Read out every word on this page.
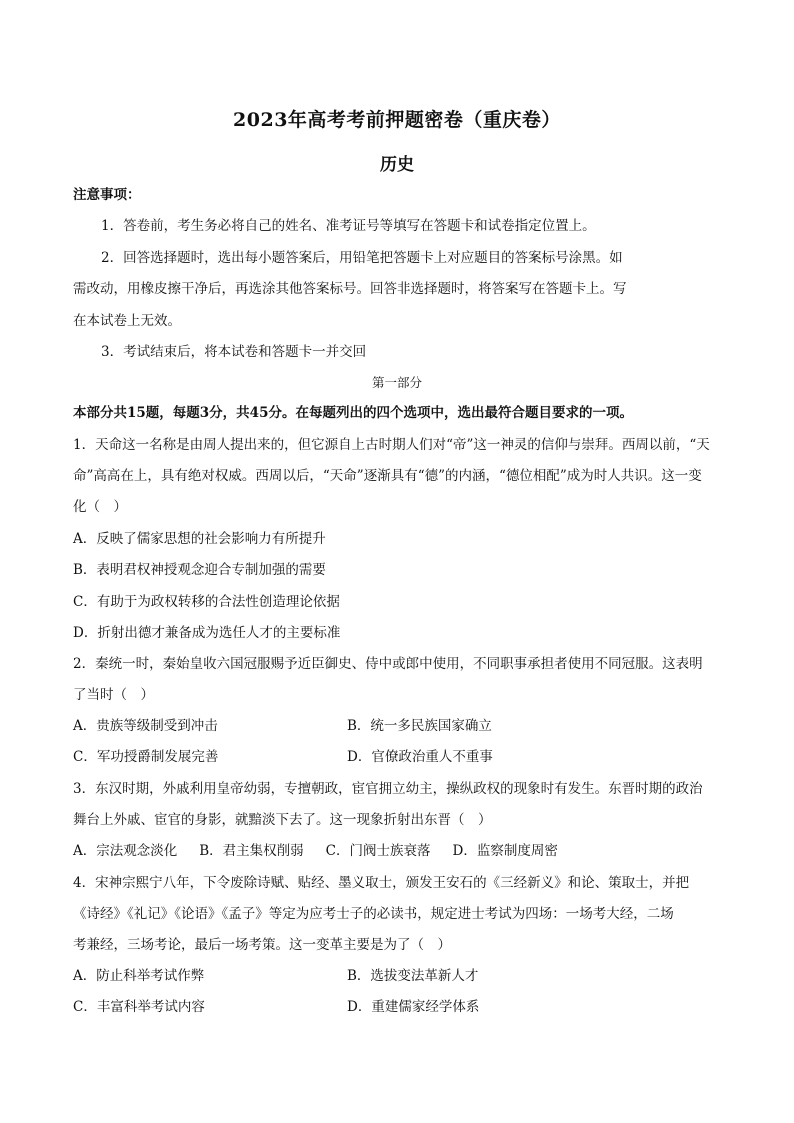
2023年高考考前押题密卷（重庆卷）
历史
注意事项：
1．答卷前，考生务必将自己的姓名、准考证号等填写在答题卡和试卷指定位置上。
2．回答选择题时，选出每小题答案后，用铅笔把答题卡上对应题目的答案标号涂黑。如
需改动，用橡皮擦干净后，再选涂其他答案标号。回答非选择题时，将答案写在答题卡上。写
在本试卷上无效。
3．考试结束后，将本试卷和答题卡一并交回
第一部分
本部分共15题，每题3分，共45分。在每题列出的四个选项中，选出最符合题目要求的一项。
1．天命这一名称是由周人提出来的，但它源自上古时期人们对“帝”这一神灵的信仰与崇拜。西周以前，“天
命”高高在上，具有绝对权威。西周以后，“天命”逐渐具有“德”的内涵，“德位相配”成为时人共识。这一变
化（　）
A．反映了儒家思想的社会影响力有所提升
B．表明君权神授观念迎合专制加强的需要
C．有助于为政权转移的合法性创造理论依据
D．折射出德才兼备成为选任人才的主要标准
2．秦统一时，秦始皇收六国冠服赐予近臣御史、侍中或郎中使用，不同职事承担者使用不同冠服。这表明
了当时（　）
A．贵族等级制受到冲击	B．统一多民族国家确立
C．军功授爵制发展完善	D．官僚政治重人不重事
3．东汉时期，外戚利用皇帝幼弱，专擅朝政，宦官拥立幼主，操纵政权的现象时有发生。东晋时期的政治
舞台上外戚、宦官的身影，就黯淡下去了。这一现象折射出东晋（　）
A．宗法观念淡化 B．君主集权削弱 C．门阀士族衰落 D．监察制度周密
4．宋神宗熙宁八年，下令废除诗赋、贴经、墨义取士，颁发王安石的《三经新义》和论、策取士，并把
《诗经》《礼记》《论语》《孟子》等定为应考士子的必读书，规定进士考试为四场：一场考大经，二场
考兼经，三场考论，最后一场考策。这一变革主要是为了（　）
A．防止科举考试作弊	B．选拔变法革新人才
C．丰富科举考试内容	D．重建儒家经学体系
